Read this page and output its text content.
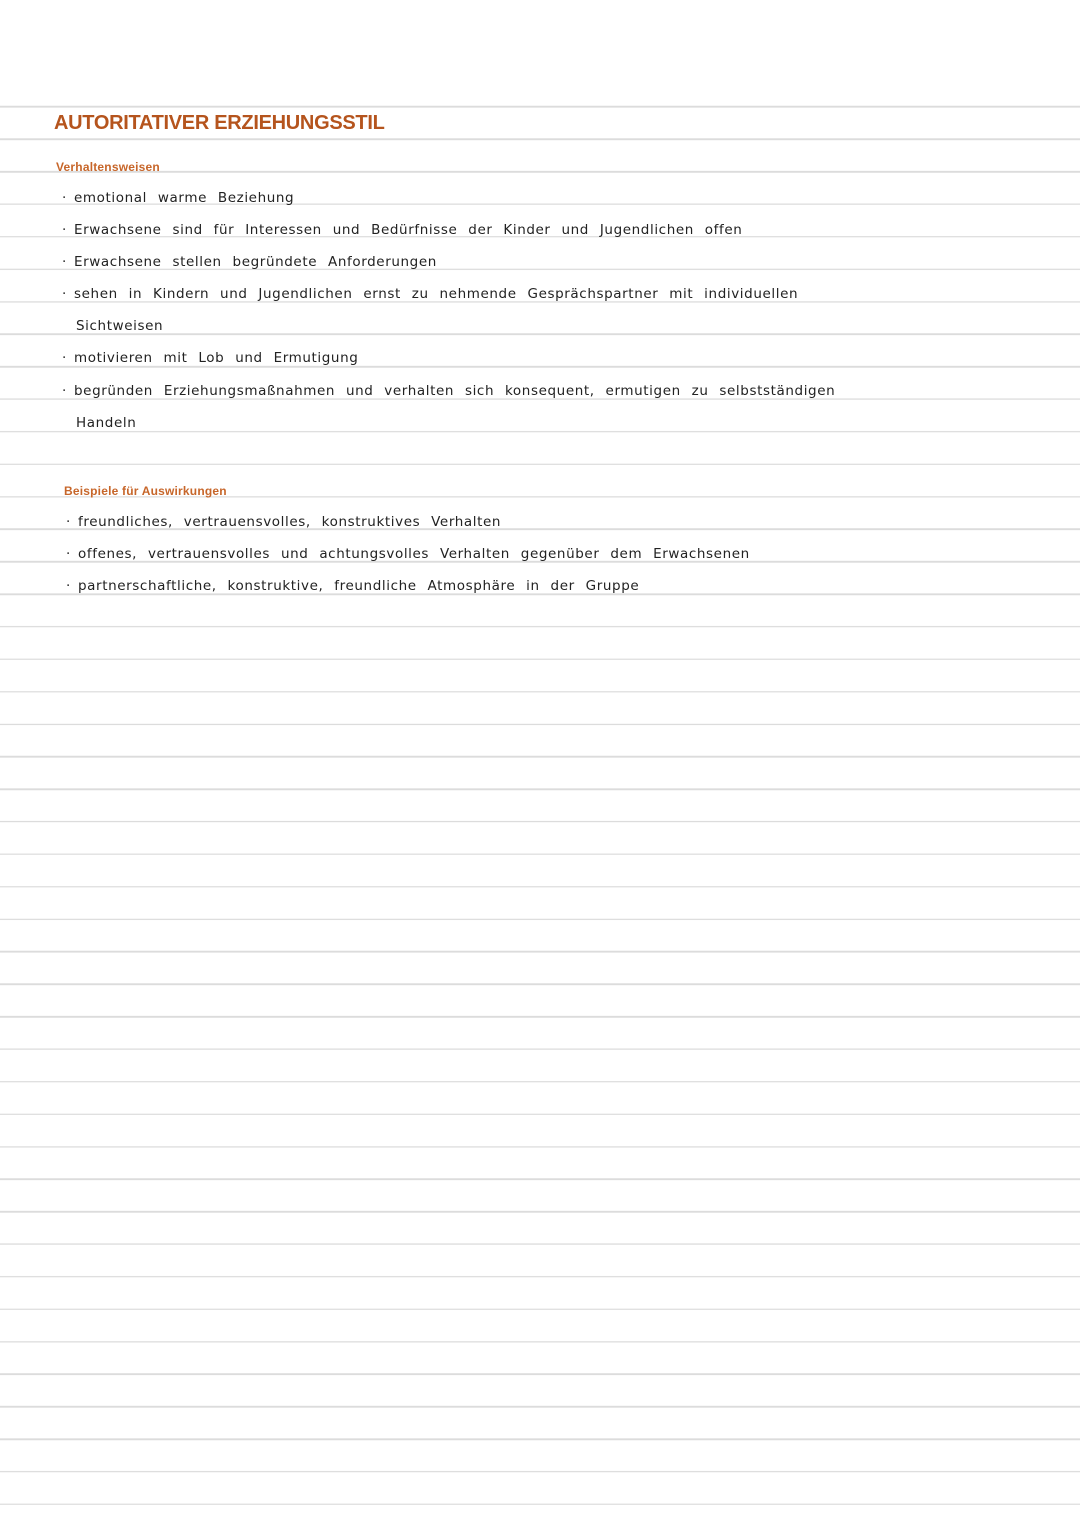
AUTORITATIVER ERZIEHUNGSSTIL
Verhaltensweisen

· emotional warme Beziehung

· Erwachsene sind für Interessen und Bedürfnisse der Kinder und Jugendlichen offen

· Erwachsene stellen begründete Anforderungen

· sehen in Kindern und Jugendlichen ernst zu nehmende Gesprächspartner mit individuellen

Sichtweisen

· motivieren mit Lob und Ermutigung

· begründen Erziehungsmaßnahmen und verhalten sich konsequent, ermutigen zu selbstständigen

Handeln

Beispiele für Auswirkungen

· freundliches, vertrauensvolles, konstruktives Verhalten

· offenes, vertrauensvolles und achtungsvolles Verhalten gegenüber dem Erwachsenen

· partnerschaftliche, konstruktive, freundliche Atmosphäre in der Gruppe
